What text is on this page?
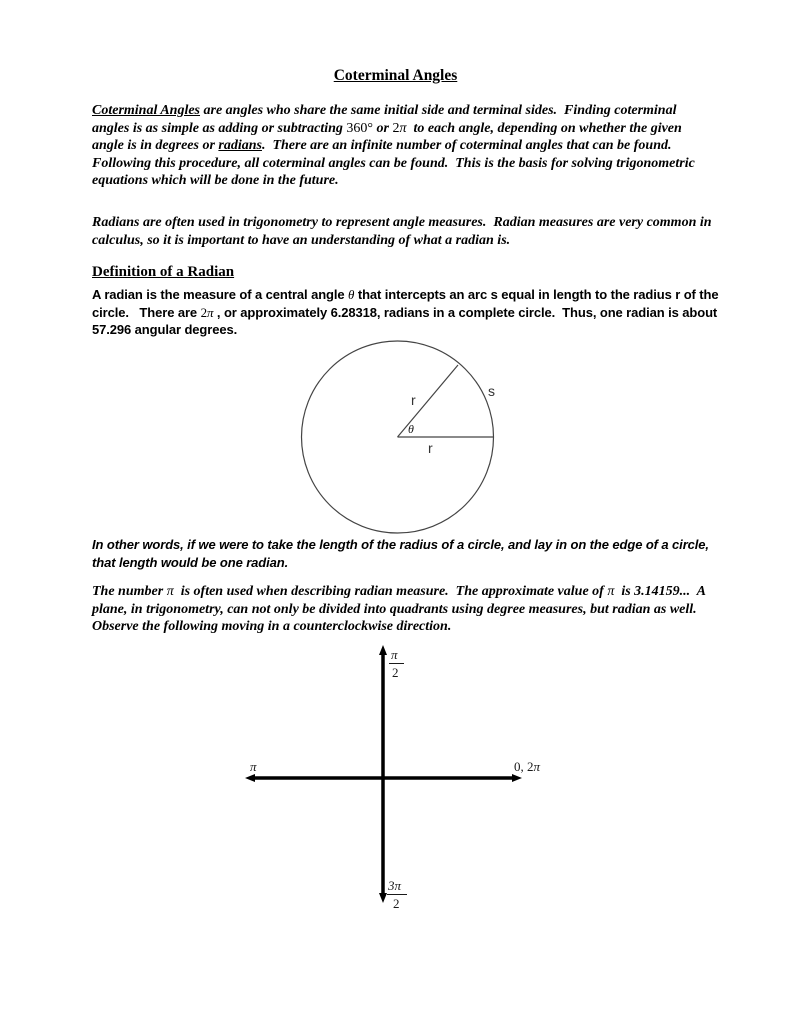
Coterminal Angles
Coterminal Angles are angles who share the same initial side and terminal sides.  Finding coterminal angles is as simple as adding or subtracting 360° or 2π  to each angle, depending on whether the given angle is in degrees or radians.  There are an infinite number of coterminal angles that can be found.  Following this procedure, all coterminal angles can be found.  This is the basis for solving trigonometric equations which will be done in the future.
Radians are often used in trigonometry to represent angle measures.  Radian measures are very common in calculus, so it is important to have an understanding of what a radian is.
Definition of a Radian
A radian is the measure of a central angle θ that intercepts an arc s equal in length to the radius r of the circle.   There are 2π , or approximately 6.28318, radians in a complete circle.  Thus, one radian is about 57.296 angular degrees.
r
θ
r
s
In other words, if we were to take the length of the radius of a circle, and lay in on the edge of a circle, that length would be one radian.
The number π  is often used when describing radian measure.  The approximate value of π  is 3.14159...  A plane, in trigonometry, can not only be divided into quadrants using degree measures, but radian as well.  Observe the following moving in a counterclockwise direction.
π
2
π	0, 2π
3π
2
